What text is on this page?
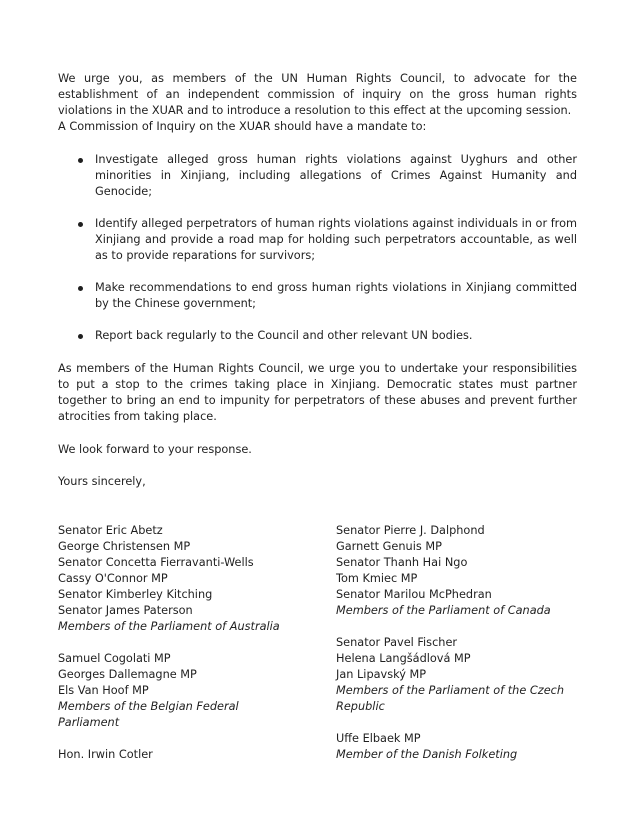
We urge you, as members of the UN Human Rights Council, to advocate for the establishment of an independent commission of inquiry on the gross human rights violations in the XUAR and to introduce a resolution to this effect at the upcoming session.
A Commission of Inquiry on the XUAR should have a mandate to:

Investigate alleged gross human rights violations against Uyghurs and other minorities in Xinjiang, including allegations of Crimes Against Humanity and Genocide;
Identify alleged perpetrators of human rights violations against individuals in or from Xinjiang and provide a road map for holding such perpetrators accountable, as well as to provide reparations for survivors;
Make recommendations to end gross human rights violations in Xinjiang committed by the Chinese government;
Report back regularly to the Council and other relevant UN bodies.

As members of the Human Rights Council, we urge you to undertake your responsibilities to put a stop to the crimes taking place in Xinjiang. Democratic states must partner together to bring an end to impunity for perpetrators of these abuses and prevent further atrocities from taking place.

We look forward to your response.

Yours sincerely,

Senator Eric Abetz
George Christensen MP
Senator Concetta Fierravanti-Wells
Cassy O'Connor MP
Senator Kimberley Kitching
Senator James Paterson
Members of the Parliament of Australia
Samuel Cogolati MP
Georges Dallemagne MP
Els Van Hoof MP
Members of the Belgian Federal Parliament
Hon. Irwin Cotler
Senator Pierre J. Dalphond
Garnett Genuis MP
Senator Thanh Hai Ngo
Tom Kmiec MP
Senator Marilou McPhedran
Members of the Parliament of Canada
Senator Pavel Fischer
Helena Langšádlová MP
Jan Lipavský MP
Members of the Parliament of the Czech Republic
Uffe Elbaek MP
Member of the Danish Folketing
